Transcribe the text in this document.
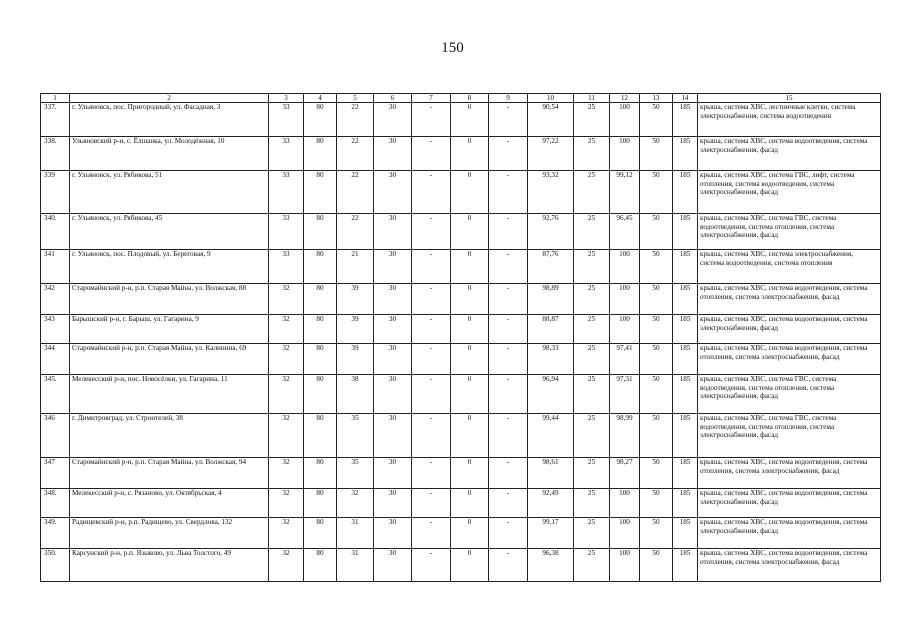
150
1	2	3	4	5	6	7	8	9	10	11	12	13	14	15
337.	г. Ульяновск, пос. Пригородный, ул. Фасадная, 3	33	80	22	30	-	0	-	90,54	25	100	50	185	крыша, система ХВС, лестничные клетки, система электроснабжения, система водоотведения
338.	Ульяновский р-н, с. Ёлшанка, ул. Молодёжная, 10	33	80	22	30	-	0	-	97,22	25	100	50	185	крыша, система ХВС, система водоотведения, система электроснабжения, фасад
339	г. Ульяновск, ул. Рябикова, 51	33	80	22	30	-	0	-	93,32	25	99,12	50	185	крыша, система ХВС, система ГВС, лифт, система отопления, система водоотведения, система электроснабжения, фасад
340.	г. Ульяновск, ул. Рябикова, 45	33	80	22	30	-	0	-	92,76	25	96,45	50	185	крыша, система ХВС, система ГВС, система водоотведения, система отопления, система электроснабжения, фасад
341	г. Ульяновск, пос. Плодовый, ул. Береговая, 9	33	80	21	30	-	0	-	87,76	25	100	50	185	крыша, система ХВС, система электроснабжения, система водоотведения, система отопления
342	Старомайнский р-н, р.п. Старая Майна, ул. Волжская, 88	32	80	39	30	-	0	-	98,89	25	100	50	185	крыша, система ХВС, система водоотведения, система отопления, система электроснабжения, фасад
343	Барышский р-н, г. Барыш, ул. Гагарина, 9	32	80	39	30	-	0	-	88,87	25	100	50	185	крыша, система ХВС, система водоотведения, система электроснабжения, фасад
344	Старомайнский р-н, р.п. Старая Майна, ул. Калинина, 69	32	80	39	30	-	0	-	98,33	25	97,41	50	185	крыша, система ХВС, система водоотведения, система отопления, система электроснабжения, фасад
345.	Мелекесский р-н, пос. Новосёлки, ул. Гагарина, 11	32	80	38	30	-	0	-	96,94	25	97,31	50	185	крыша, система ХВС, система ГВС, система водоотведения, система отопления, система электроснабжения, фасад
346	г. Димитровград, ул. Строителей, 38	32	80	35	30	-	0	-	99,44	25	98,99	50	185	крыша, система ХВС, система ГВС, система водоотведения, система отопления, система электроснабжения, фасад
347	Старомайнский р-н, р.п. Старая Майна, ул. Волжская, 94	32	80	35	30	-	0	-	98,61	25	98,27	50	185	крыша, система ХВС, система водоотведения, система отопления, система электроснабжения, фасад
348.	Мелекесский р-н, с. Рязаново, ул. Октябрьская, 4	32	80	32	30	-	0	-	92,49	25	100	50	185	крыша, система ХВС, система водоотведения, система электроснабжения, фасад
349.	Радищевский р-н, р.п. Радищево, ул. Свердлова, 132	32	80	31	30	-	0	-	99,17	25	100	50	185	крыша, система ХВС, система водоотведения, система электроснабжения, фасад
350.	Карсунский р-н, р.п. Языково, ул. Льва Толстого, 49	32	80	31	30	-	0	-	96,38	25	100	50	185	крыша, система ХВС, система водоотведения, система отопления, система электроснабжения, фасад
